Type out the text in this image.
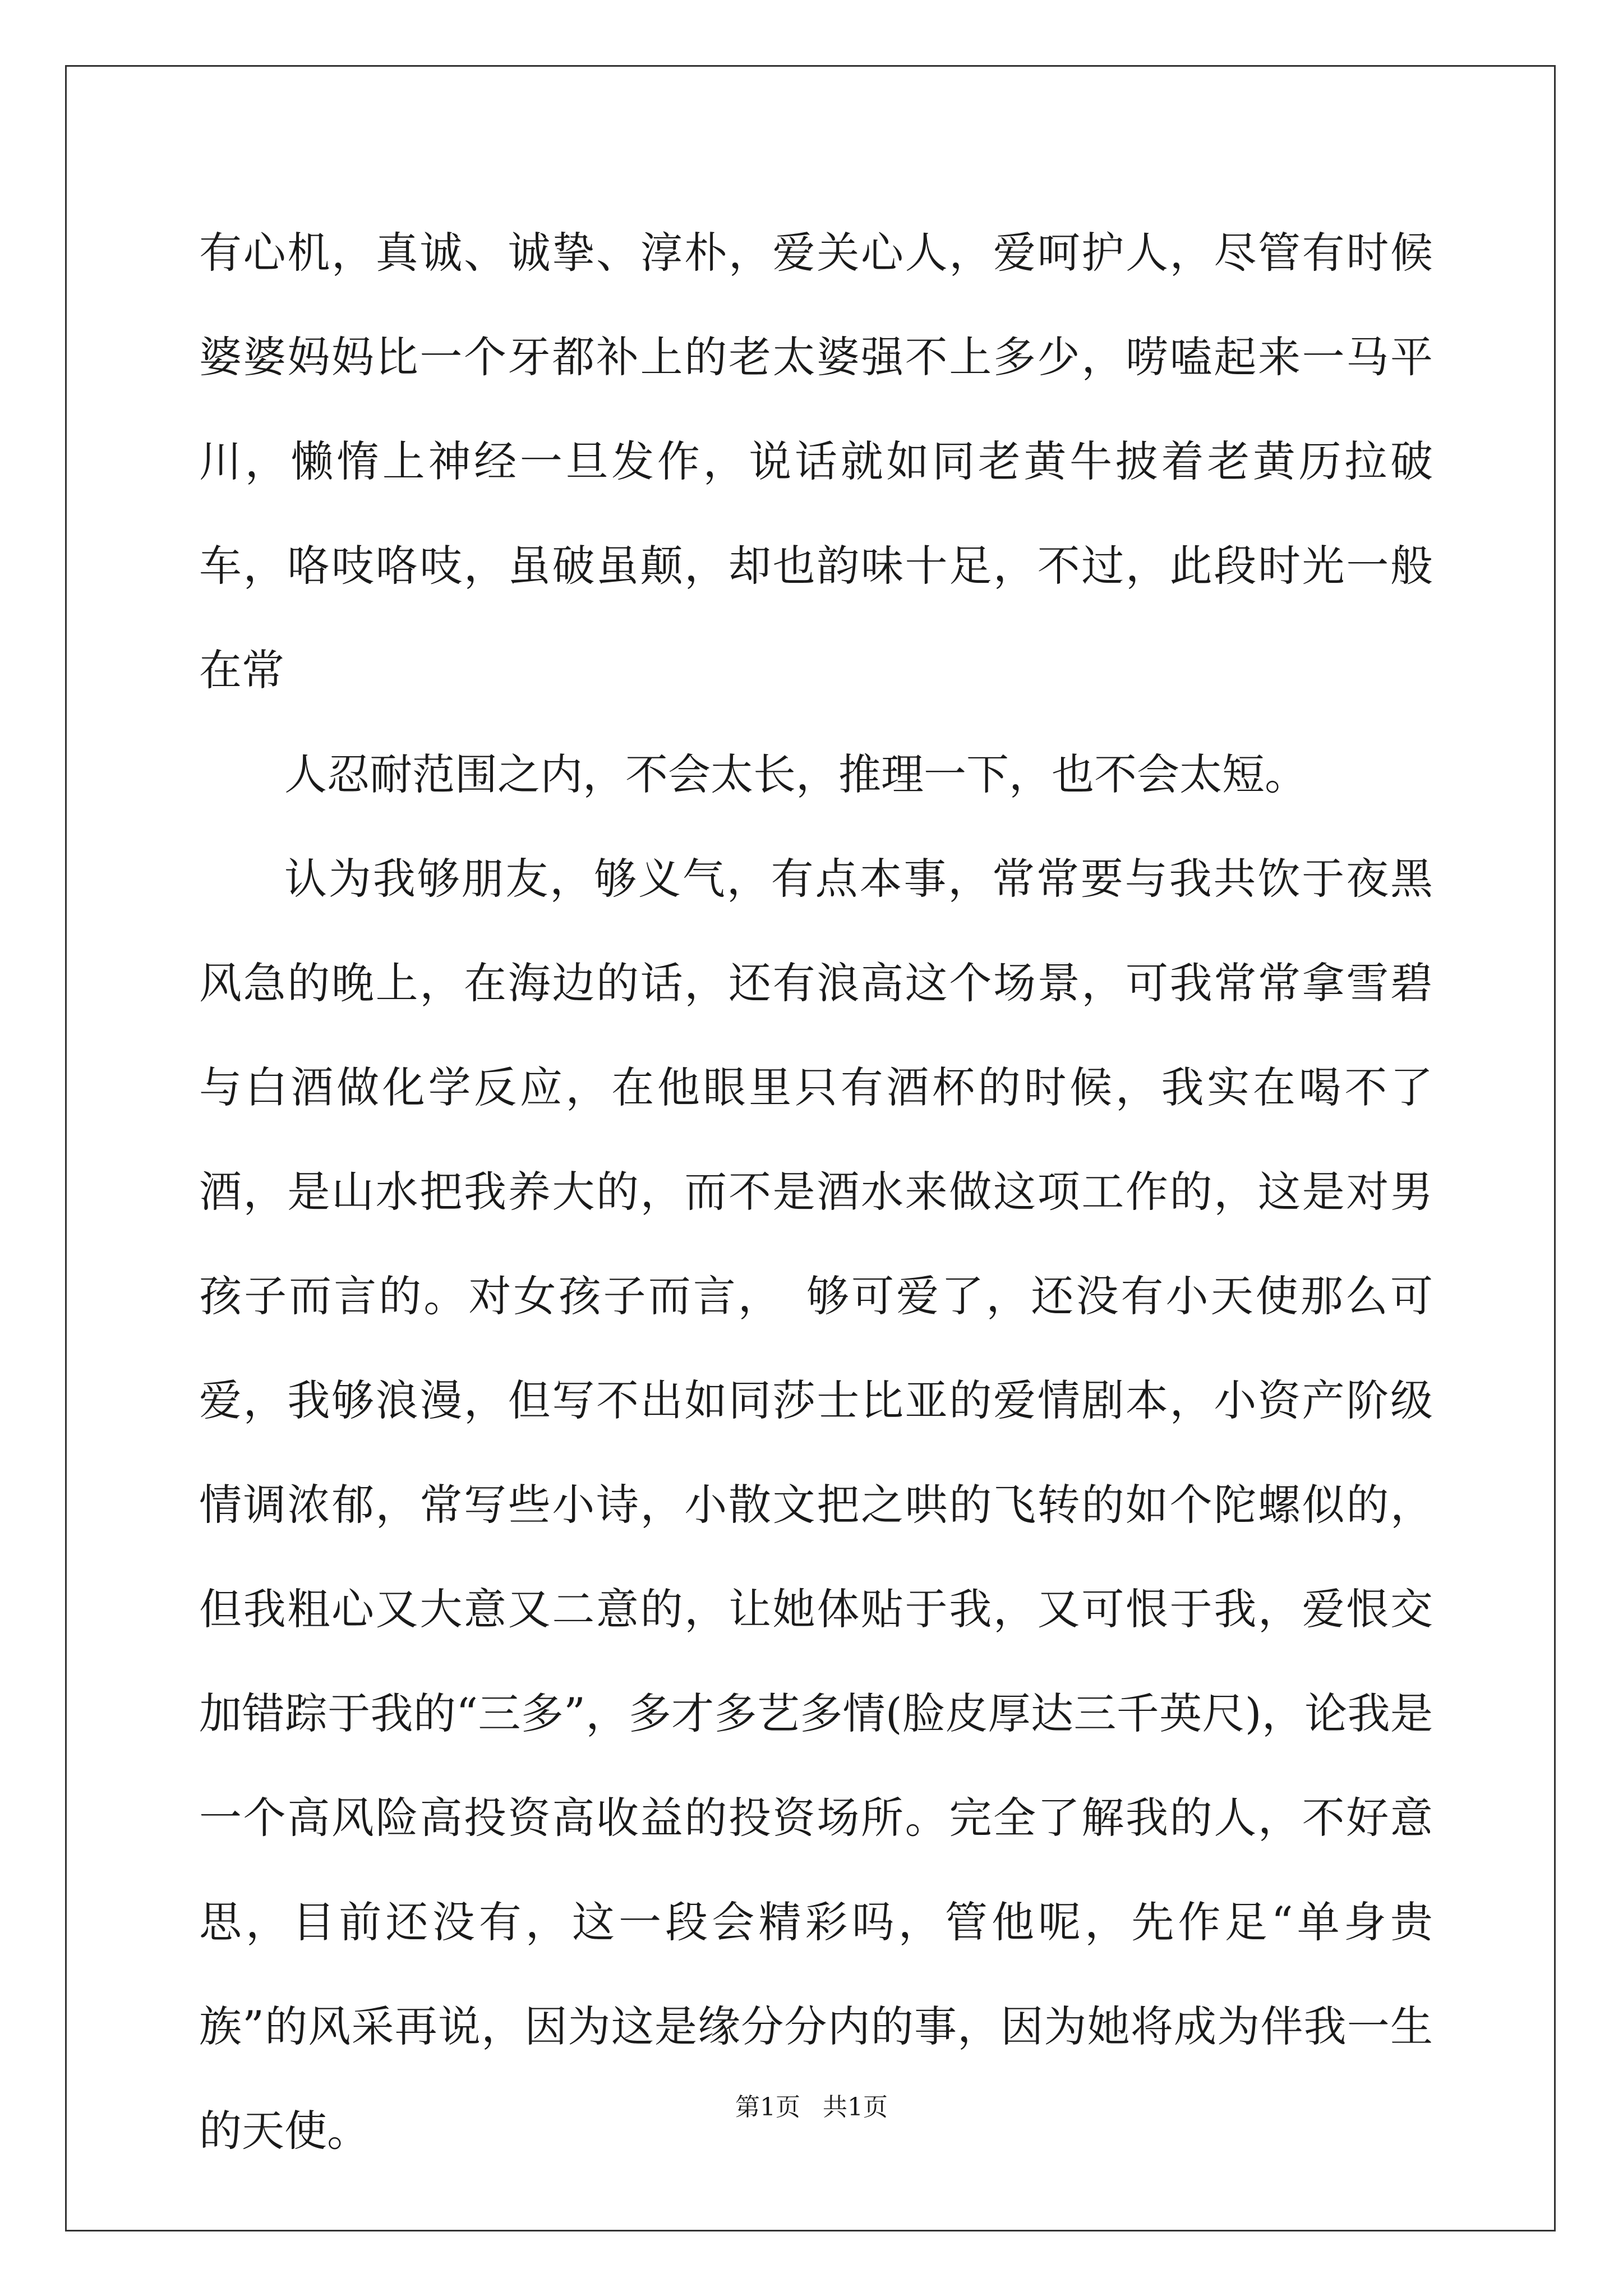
有心机，真诚、诚挚、淳朴，爱关心人，爱呵护人，尽管有时候婆婆妈妈比一个牙都补上的老太婆强不上多少，唠嗑起来一马平川，懒惰上神经一旦发作，说话就如同老黄牛披着老黄历拉破车，咯吱咯吱，虽破虽颠，却也韵味十足，不过，此段时光一般在常

人忍耐范围之内，不会太长，推理一下，也不会太短。

认为我够朋友，够义气，有点本事，常常要与我共饮于夜黑风急的晚上，在海边的话，还有浪高这个场景，可我常常拿雪碧与白酒做化学反应，在他眼里只有酒杯的时候，我实在喝不了酒，是山水把我养大的，而不是酒水来做这项工作的，这是对男孩子而言的。对女孩子而言，　够可爱了，还没有小天使那么可爱，我够浪漫，但写不出如同莎士比亚的爱情剧本，小资产阶级情调浓郁，常写些小诗，小散文把之哄的飞转的如个陀螺似的，但我粗心又大意又二意的，让她体贴于我，又可恨于我，爱恨交加错踪于我的“三多”，多才多艺多情(脸皮厚达三千英尺)，论我是一个高风险高投资高收益的投资场所。完全了解我的人，不好意思，目前还没有，这一段会精彩吗，管他呢，先作足“单身贵族”的风采再说，因为这是缘分分内的事，因为她将成为伴我一生的天使。	第1页 共1页
